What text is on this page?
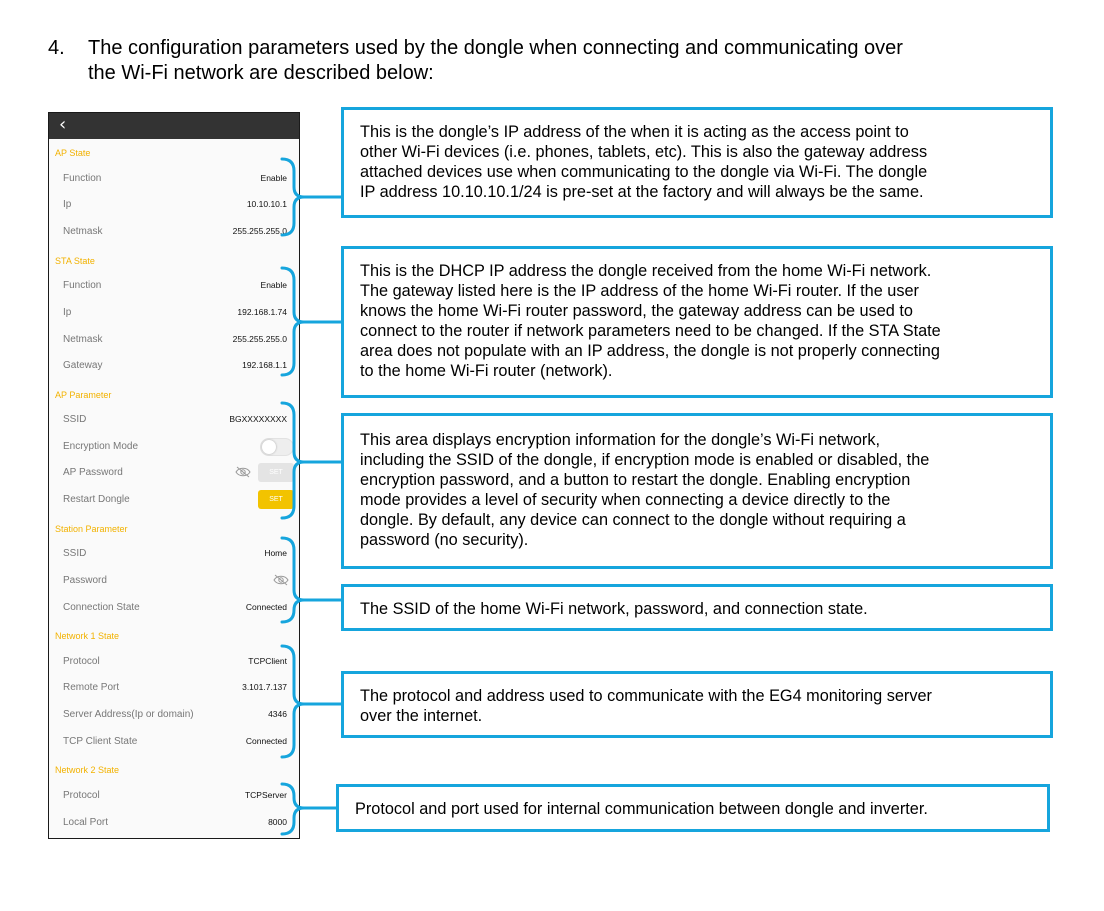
4. The configuration parameters used by the dongle when connecting and communicating over
the Wi-Fi network are described below:
‹
AP State
Function	Enable
Ip	10.10.10.1
Netmask	255.255.255.0
STA State
Function	Enable
Ip	192.168.1.74
Netmask	255.255.255.0
Gateway	192.168.1.1
AP Parameter
SSID	BGXXXXXXXX
Encryption Mode
AP Password	SET
Restart Dongle	SET
Station Parameter
SSID	Home
Password
Connection State	Connected
Network 1 State
Protocol	TCPClient
Remote Port	3.101.7.137
Server Address(Ip or domain)	4346
TCP Client State	Connected
Network 2 State
Protocol	TCPServer
Local Port	8000
This is the dongle’s IP address of the when it is acting as the access point to
other Wi-Fi devices (i.e. phones, tablets, etc). This is also the gateway address
attached devices use when communicating to the dongle via Wi-Fi. The dongle
IP address 10.10.10.1/24 is pre-set at the factory and will always be the same.
This is the DHCP IP address the dongle received from the home Wi-Fi network.
The gateway listed here is the IP address of the home Wi-Fi router. If the user
knows the home Wi-Fi router password, the gateway address can be used to
connect to the router if network parameters need to be changed. If the STA State
area does not populate with an IP address, the dongle is not properly connecting
to the home Wi-Fi router (network).
This area displays encryption information for the dongle’s Wi-Fi network,
including the SSID of the dongle, if encryption mode is enabled or disabled, the
encryption password, and a button to restart the dongle. Enabling encryption
mode provides a level of security when connecting a device directly to the
dongle. By default, any device can connect to the dongle without requiring a
password (no security).
The SSID of the home Wi-Fi network, password, and connection state.
The protocol and address used to communicate with the EG4 monitoring server
over the internet.
Protocol and port used for internal communication between dongle and inverter.
